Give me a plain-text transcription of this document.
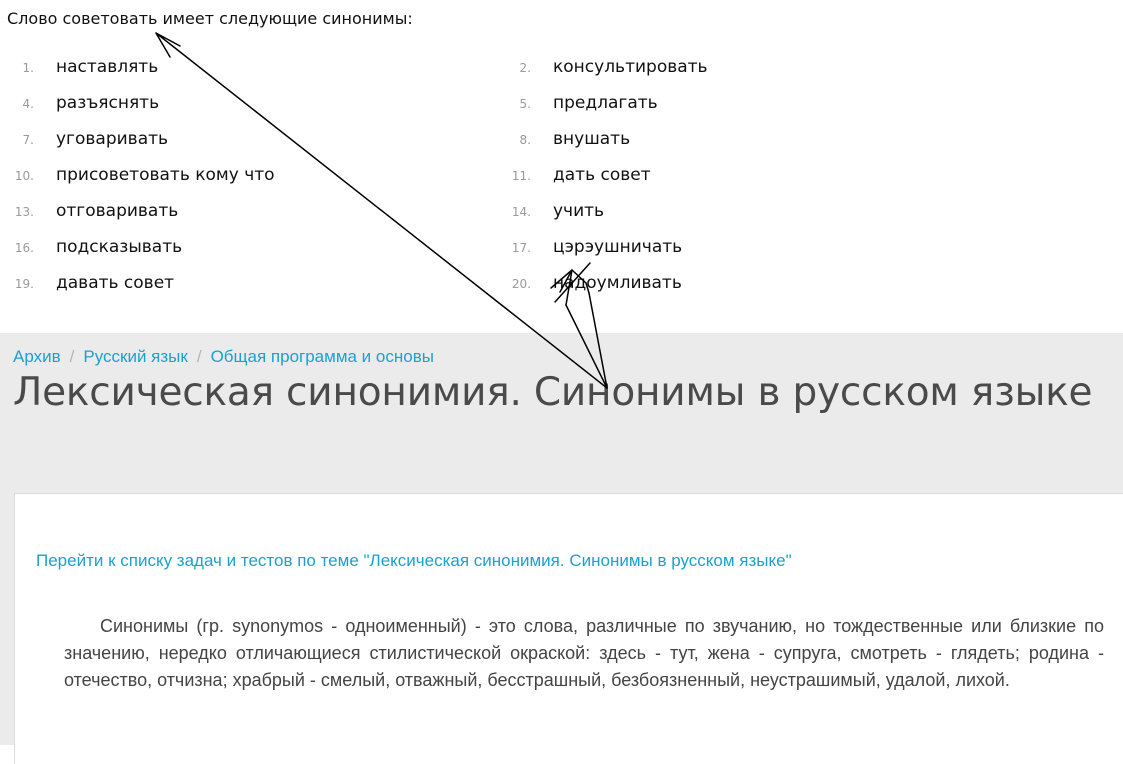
Слово советовать имеет следующие синонимы:
1. наставлять	2. консультировать
4. разъяснять	5. предлагать
7. уговаривать	8. внушать
10. присоветовать кому что	11. дать совет
13. отговаривать	14. учить
16. подсказывать	17. цэрэушничать
19. давать совет	20. надоумливать
Архив / Русский язык / Общая программа и основы
Лексическая синонимия. Синонимы в русском языке
Перейти к списку задач и тестов по теме "Лексическая синонимия. Синонимы в русском языке"

Синонимы (гр. synonymos - одноименный) - это слова, различные по звучанию, но тождественные или близкие по значению, нередко отличающиеся стилистической окраской: здесь - тут, жена - супруга, смотреть - глядеть; родина - отечество, отчизна; храбрый - смелый, отважный, бесстрашный, безбоязненный, неустрашимый, удалой, лихой.
